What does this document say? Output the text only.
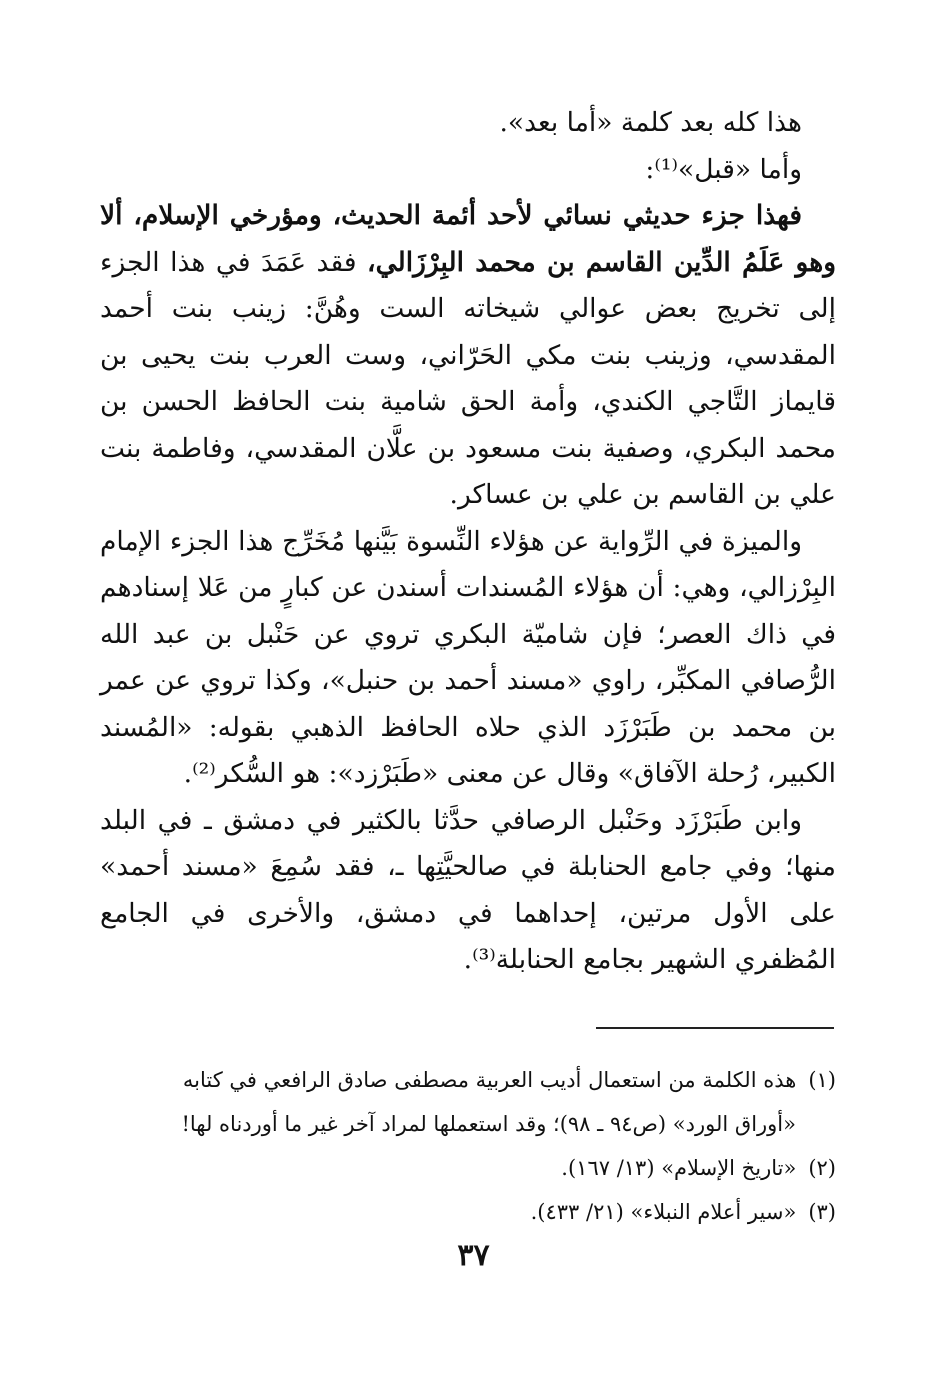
هذا كله بعد كلمة «أما بعد».

وأما «قبل»⁽¹⁾:

فهذا جزء حديثي نسائي لأحد أئمة الحديث، ومؤرخي الإسلام، ألا وهو عَلَمُ الدِّين القاسم بن محمد البِرْزَالي، فقد عَمَدَ في هذا الجزء إلى تخريج بعض عوالي شيخاته الست وهُنَّ: زينب بنت أحمد المقدسي، وزينب بنت مكي الحَرّاني، وست العرب بنت يحيى بن قايماز التَّاجي الكندي، وأمة الحق شامية بنت الحافظ الحسن بن محمد البكري، وصفية بنت مسعود بن علَّان المقدسي، وفاطمة بنت علي بن القاسم بن علي بن عساكر.

والميزة في الرِّواية عن هؤلاء النِّسوة بَيَّنها مُخَرِّج هذا الجزء الإمام البِرْزالي، وهي: أن هؤلاء المُسندات أسندن عن كبارٍ من عَلا إسنادهم في ذاك العصر؛ فإن شاميّة البكري تروي عن حَنْبل بن عبد الله الرُّصافي المكبِّر، راوي «مسند أحمد بن حنبل»، وكذا تروي عن عمر بن محمد بن طَبَرْزَد الذي حلاه الحافظ الذهبي بقوله: «المُسند الكبير، رُحلة الآفاق» وقال عن معنى «طَبَرْزد»: هو السُّكر⁽²⁾.

وابن طَبَرْزَد وحَنْبل الرصافي حدَّثا بالكثير في دمشق ـ في البلد منها؛ وفي جامع الحنابلة في صالحيَّتِها ـ، فقد سُمِعَ «مسند أحمد» على الأول مرتين، إحداهما في دمشق، والأخرى في الجامع المُظفري الشهير بجامع الحنابلة⁽³⁾.

(١)هذه الكلمة من استعمال أديب العربية مصطفى صادق الرافعي في كتابه

«أوراق الورد» (ص٩٤ ـ ٩٨)؛ وقد استعملها لمراد آخر غير ما أوردناه لها!

(٢)«تاريخ الإسلام» (١٣/ ١٦٧).

(٣)«سير أعلام النبلاء» (٢١/ ٤٣٣).

٣٧
